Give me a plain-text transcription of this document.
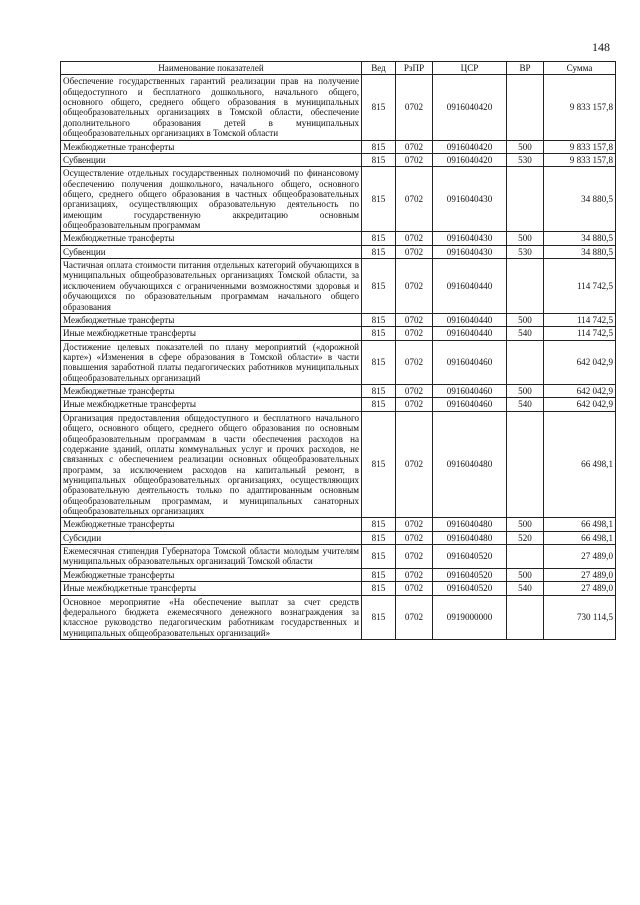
148
Наименование показателей	Вед	РзПР	ЦСР	ВР	Сумма
Обеспечение государственных гарантий реализации прав на получение общедоступного и бесплатного дошкольного, начального общего, основного общего, среднего общего образования в муниципальных общеобразовательных организациях в Томской области, обеспечение дополнительного образования детей в муниципальных общеобразовательных организациях в Томской области	815	0702	0916040420		9 833 157,8
Межбюджетные трансферты	815	0702	0916040420	500	9 833 157,8
Субвенции	815	0702	0916040420	530	9 833 157,8
Осуществление отдельных государственных полномочий по финансовому обеспечению получения дошкольного, начального общего, основного общего, среднего общего образования в частных общеобразовательных организациях, осуществляющих образовательную деятельность по имеющим государственную аккредитацию основным общеобразовательным программам	815	0702	0916040430		34 880,5
Межбюджетные трансферты	815	0702	0916040430	500	34 880,5
Субвенции	815	0702	0916040430	530	34 880,5
Частичная оплата стоимости питания отдельных категорий обучающихся в муниципальных общеобразовательных организациях Томской области, за исключением обучающихся с ограниченными возможностями здоровья и обучающихся по образовательным программам начального общего образования	815	0702	0916040440		114 742,5
Межбюджетные трансферты	815	0702	0916040440	500	114 742,5
Иные межбюджетные трансферты	815	0702	0916040440	540	114 742,5
Достижение целевых показателей по плану мероприятий («дорожной карте») «Изменения в сфере образования в Томской области» в части повышения заработной платы педагогических работников муниципальных общеобразовательных организаций	815	0702	0916040460		642 042,9
Межбюджетные трансферты	815	0702	0916040460	500	642 042,9
Иные межбюджетные трансферты	815	0702	0916040460	540	642 042,9
Организация предоставления общедоступного и бесплатного начального общего, основного общего, среднего общего образования по основным общеобразовательным программам в части обеспечения расходов на содержание зданий, оплаты коммунальных услуг и прочих расходов, не связанных с обеспечением реализации основных общеобразовательных программ, за исключением расходов на капитальный ремонт, в муниципальных общеобразовательных организациях, осуществляющих образовательную деятельность только по адаптированным основным общеобразовательным программам, и муниципальных санаторных общеобразовательных организациях	815	0702	0916040480		66 498,1
Межбюджетные трансферты	815	0702	0916040480	500	66 498,1
Субсидии	815	0702	0916040480	520	66 498,1
Ежемесячная стипендия Губернатора Томской области молодым учителям муниципальных образовательных организаций Томской области	815	0702	0916040520		27 489,0
Межбюджетные трансферты	815	0702	0916040520	500	27 489,0
Иные межбюджетные трансферты	815	0702	0916040520	540	27 489,0
Основное мероприятие «На обеспечение выплат за счет средств федерального бюджета ежемесячного денежного вознаграждения за классное руководство педагогическим работникам государственных и муниципальных общеобразовательных организаций»	815	0702	0919000000		730 114,5
